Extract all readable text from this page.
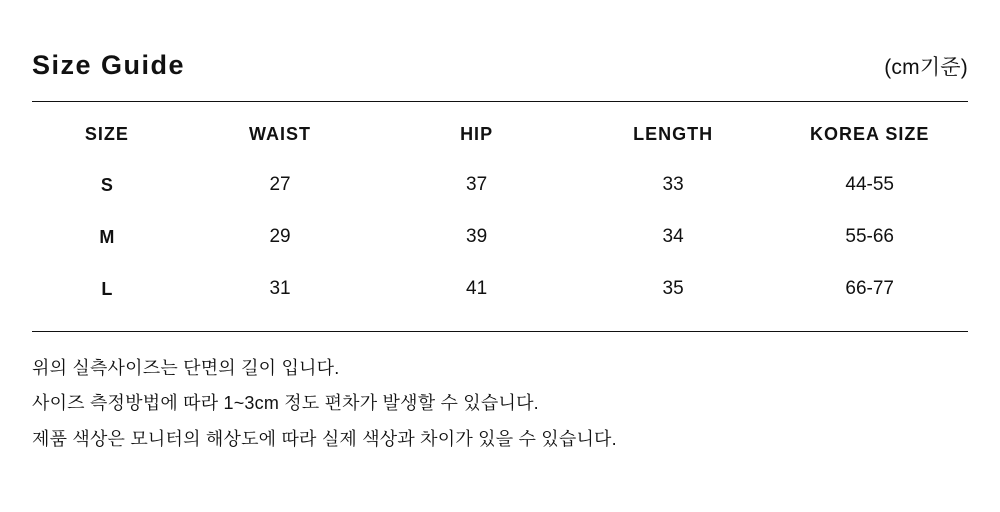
Size Guide	(cm기준)
SIZE	WAIST	HIP	LENGTH	KOREA SIZE
S	27	37	33	44-55
M	29	39	34	55-66
L	31	41	35	66-77

위의 실측사이즈는 단면의 길이 입니다.

사이즈 측정방법에 따라 1~3cm 정도 편차가 발생할 수 있습니다.

제품 색상은 모니터의 해상도에 따라 실제 색상과 차이가 있을 수 있습니다.
